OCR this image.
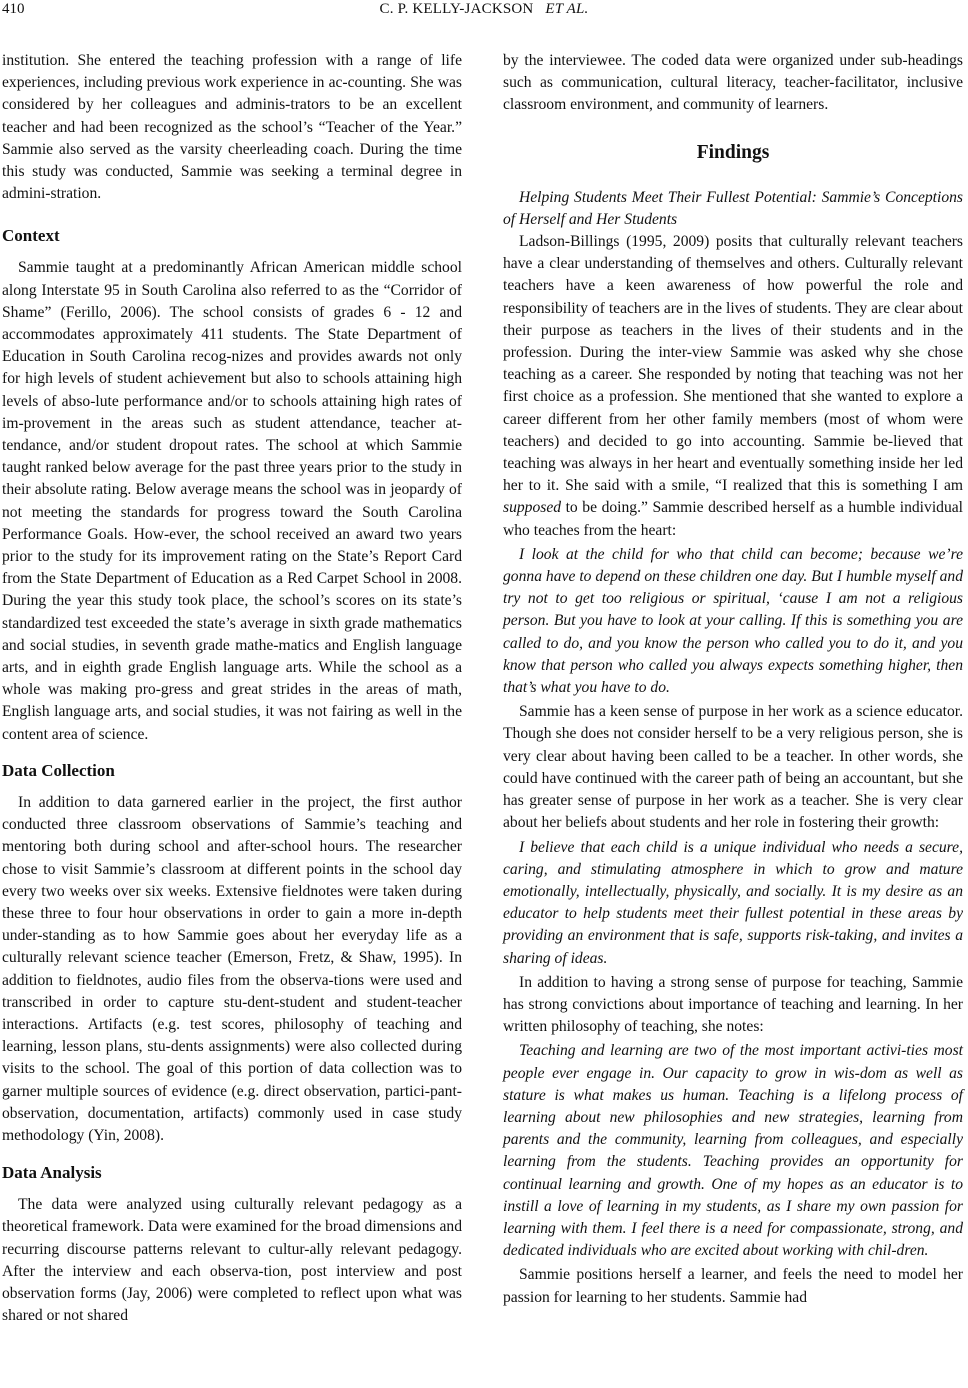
410	C. P. KELLY-JACKSON ET AL.

institution. She entered the teaching profession with a range of life experiences, including previous work experience in ac-counting. She was considered by her colleagues and adminis-trators to be an excellent teacher and had been recognized as the school’s “Teacher of the Year.” Sammie also served as the varsity cheerleading coach. During the time this study was conducted, Sammie was seeking a terminal degree in admini-stration.

Context

Sammie taught at a predominantly African American middle school along Interstate 95 in South Carolina also referred to as the “Corridor of Shame” (Ferillo, 2006). The school consists of grades 6 - 12 and accommodates approximately 411 students. The State Department of Education in South Carolina recog-nizes and provides awards not only for high levels of student achievement but also to schools attaining high levels of abso-lute performance and/or to schools attaining high rates of im-provement in the areas such as student attendance, teacher at-tendance, and/or student dropout rates. The school at which Sammie taught ranked below average for the past three years prior to the study in their absolute rating. Below average means the school was in jeopardy of not meeting the standards for progress toward the South Carolina Performance Goals. How-ever, the school received an award two years prior to the study for its improvement rating on the State’s Report Card from the State Department of Education as a Red Carpet School in 2008. During the year this study took place, the school’s scores on its state’s standardized test exceeded the state’s average in sixth grade mathematics and social studies, in seventh grade mathe-matics and English language arts, and in eighth grade English language arts. While the school as a whole was making pro-gress and great strides in the areas of math, English language arts, and social studies, it was not fairing as well in the content area of science.

Data Collection

In addition to data garnered earlier in the project, the first author conducted three classroom observations of Sammie’s teaching and mentoring both during school and after-school hours. The researcher chose to visit Sammie’s classroom at different points in the school day every two weeks over six weeks. Extensive fieldnotes were taken during these three to four hour observations in order to gain a more in-depth under-standing as to how Sammie goes about her everyday life as a culturally relevant science teacher (Emerson, Fretz, & Shaw, 1995). In addition to fieldnotes, audio files from the observa-tions were used and transcribed in order to capture stu-dent-student and student-teacher interactions. Artifacts (e.g. test scores, philosophy of teaching and learning, lesson plans, stu-dents assignments) were also collected during visits to the school. The goal of this portion of data collection was to garner multiple sources of evidence (e.g. direct observation, partici-pant-observation, documentation, artifacts) commonly used in case study methodology (Yin, 2008).

Data Analysis

The data were analyzed using culturally relevant pedagogy as a theoretical framework. Data were examined for the broad dimensions and recurring discourse patterns relevant to cultur-ally relevant pedagogy. After the interview and each observa-tion, post interview and post observation forms (Jay, 2006) were completed to reflect upon what was shared or not shared

by the interviewee. The coded data were organized under sub-headings such as communication, cultural literacy, teacher-facilitator, inclusive classroom environment, and community of learners.

Findings

Helping Students Meet Their Fullest Potential: Sammie’s Conceptions of Herself and Her Students

Ladson-Billings (1995, 2009) posits that culturally relevant teachers have a clear understanding of themselves and others. Culturally relevant teachers have a keen awareness of how powerful the role and responsibility of teachers are in the lives of students. They are clear about their purpose as teachers in the lives of their students and in the profession. During the inter-view Sammie was asked why she chose teaching as a career. She responded by noting that teaching was not her first choice as a profession. She mentioned that she wanted to explore a career different from her other family members (most of whom were teachers) and decided to go into accounting. Sammie be-lieved that teaching was always in her heart and eventually something inside her led her to it. She said with a smile, “I realized that this is something I am supposed to be doing.” Sammie described herself as a humble individual who teaches from the heart:

I look at the child for who that child can become; because we’re gonna have to depend on these children one day. But I humble myself and try not to get too religious or spiritual, ‘cause I am not a religious person. But you have to look at your calling. If this is something you are called to do, and you know the person who called you to do it, and you know that person who called you always expects something higher, then that’s what you have to do.

Sammie has a keen sense of purpose in her work as a science educator. Though she does not consider herself to be a very religious person, she is very clear about having been called to be a teacher. In other words, she could have continued with the career path of being an accountant, but she has greater sense of purpose in her work as a teacher. She is very clear about her beliefs about students and her role in fostering their growth:

I believe that each child is a unique individual who needs a secure, caring, and stimulating atmosphere in which to grow and mature emotionally, intellectually, physically, and socially. It is my desire as an educator to help students meet their fullest potential in these areas by providing an environment that is safe, supports risk-taking, and invites a sharing of ideas.

In addition to having a strong sense of purpose for teaching, Sammie has strong convictions about importance of teaching and learning. In her written philosophy of teaching, she notes:

Teaching and learning are two of the most important activi-ties most people ever engage in. Our capacity to grow in wis-dom as well as stature is what makes us human. Teaching is a lifelong process of learning about new philosophies and new strategies, learning from parents and the community, learning from colleagues, and especially learning from the students. Teaching provides an opportunity for continual learning and growth. One of my hopes as an educator is to instill a love of learning in my students, as I share my own passion for learning with them. I feel there is a need for compassionate, strong, and dedicated individuals who are excited about working with chil-dren.

Sammie positions herself a learner, and feels the need to model her passion for learning to her students. Sammie had
